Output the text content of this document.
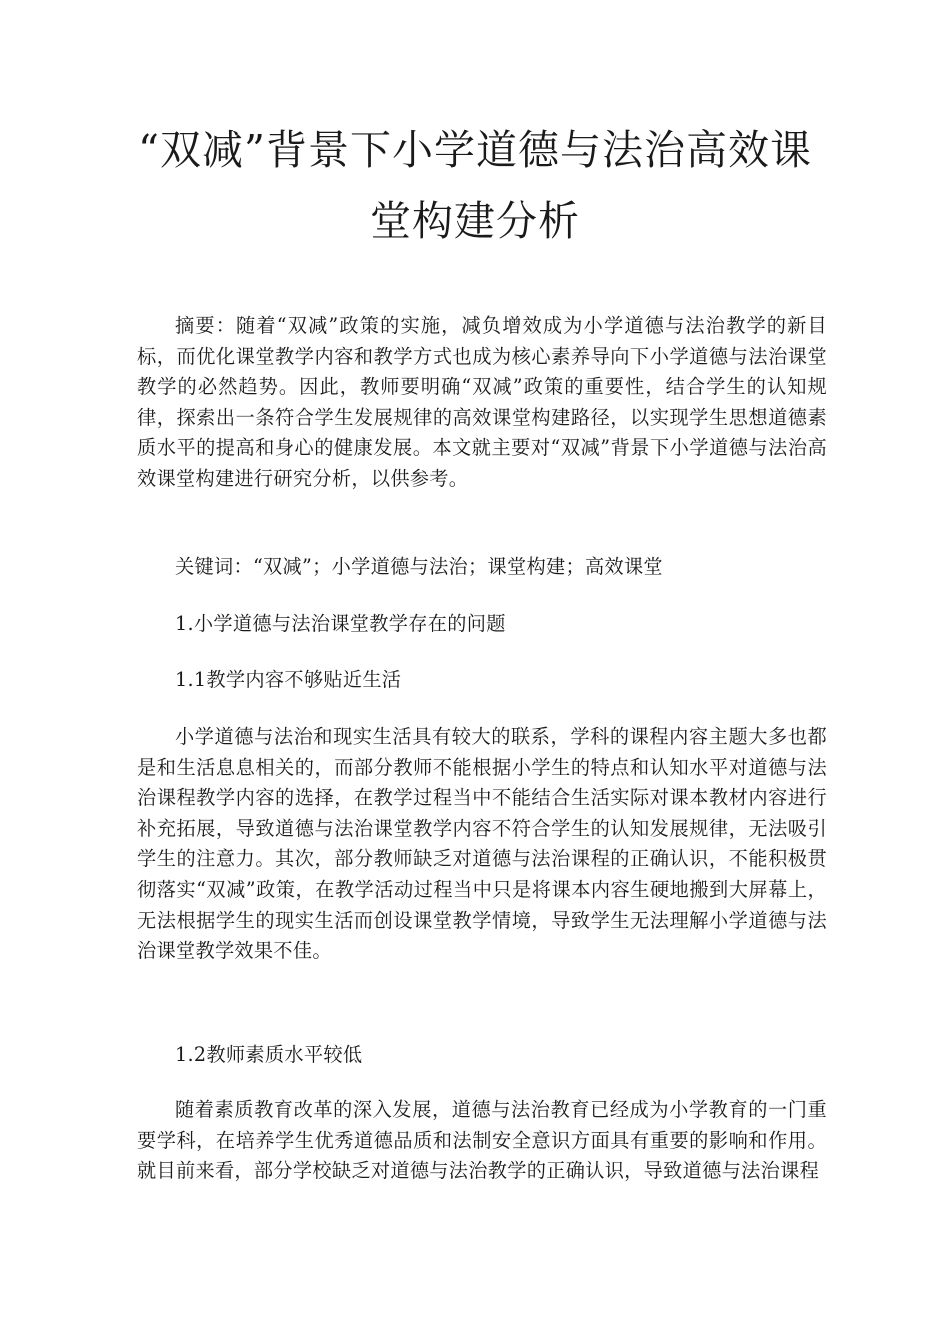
“双减”背景下小学道德与法治高效课
堂构建分析

摘要：随着“双减”政策的实施，减负增效成为小学道德与法治教学的新目标，而优化课堂教学内容和教学方式也成为核心素养导向下小学道德与法治课堂教学的必然趋势。因此，教师要明确“双减”政策的重要性，结合学生的认知规律，探索出一条符合学生发展规律的高效课堂构建路径，以实现学生思想道德素质水平的提高和身心的健康发展。本文就主要对“双减”背景下小学道德与法治高效课堂构建进行研究分析，以供参考。

关键词：“双减”；小学道德与法治；课堂构建；高效课堂

1.小学道德与法治课堂教学存在的问题

1.1教学内容不够贴近生活

小学道德与法治和现实生活具有较大的联系，学科的课程内容主题大多也都是和生活息息相关的，而部分教师不能根据小学生的特点和认知水平对道德与法治课程教学内容的选择，在教学过程当中不能结合生活实际对课本教材内容进行补充拓展，导致道德与法治课堂教学内容不符合学生的认知发展规律，无法吸引学生的注意力。其次，部分教师缺乏对道德与法治课程的正确认识，不能积极贯彻落实“双减”政策，在教学活动过程当中只是将课本内容生硬地搬到大屏幕上，无法根据学生的现实生活而创设课堂教学情境，导致学生无法理解小学道德与法治课堂教学效果不佳。

1.2教师素质水平较低

随着素质教育改革的深入发展，道德与法治教育已经成为小学教育的一门重要学科，在培养学生优秀道德品质和法制安全意识方面具有重要的影响和作用。就目前来看，部分学校缺乏对道德与法治教学的正确认识，导致道德与法治课程
